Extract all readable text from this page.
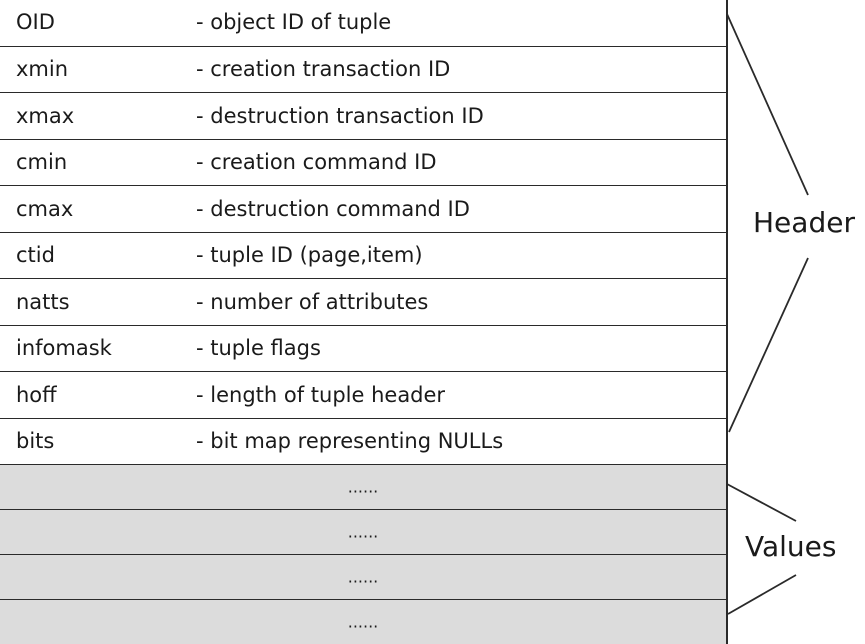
OID	- object ID of tuple
xmin	- creation transaction ID
xmax	- destruction transaction ID
cmin	- creation command ID
cmax	- destruction command ID
ctid	- tuple ID (page,item)
natts	- number of attributes
infomask	- tuple flags
hoff	- length of tuple header
bits	- bit map representing NULLs
......
......
......
......
Header
Values
